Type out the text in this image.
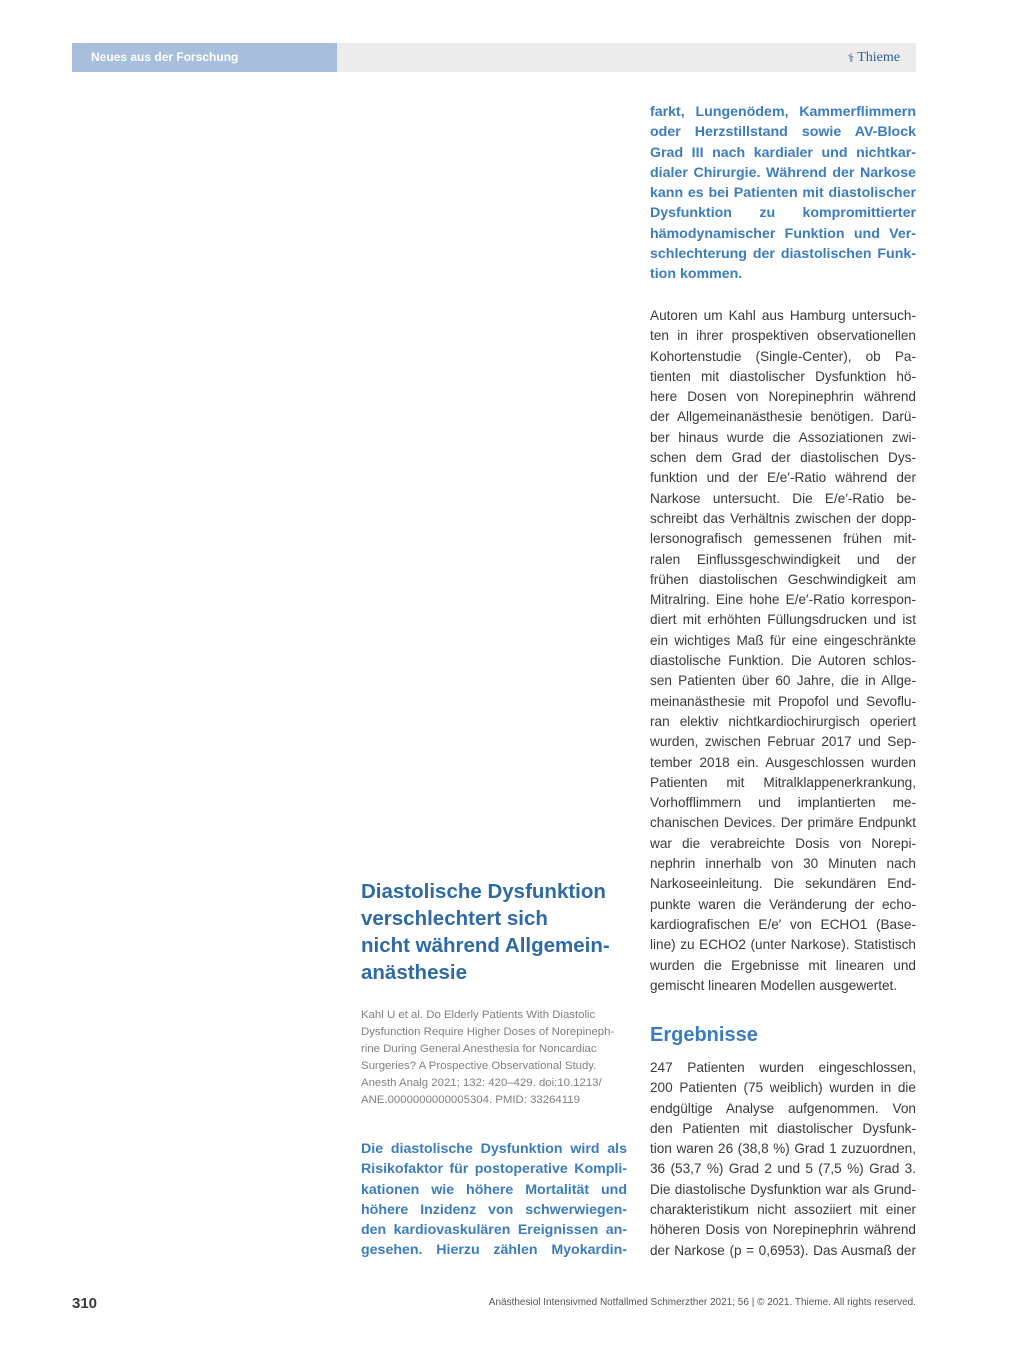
Neues aus der Forschung	⚕ Thieme
Diastolische Dysfunktion
verschlechtert sich
nicht während Allgemein-
anästhesie
Kahl U et al. Do Elderly Patients With Diastolic
Dysfunction Require Higher Doses of Norepineph-
rine During General Anesthesia for Noncardiac
Surgeries? A Prospective Observational Study.
Anesth Analg 2021; 132: 420–429. doi:10.1213/
ANE.0000000000005304. PMID: 33264119
Die diastolische Dysfunktion wird als
Risikofaktor für postoperative Kompli-
kationen wie höhere Mortalität und
höhere Inzidenz von schwerwiegen-
den kardiovaskulären Ereignissen an-
gesehen. Hierzu zählen Myokardin-
farkt, Lungenödem, Kammerflimmern
oder Herzstillstand sowie AV-Block
Grad III nach kardialer und nichtkar-
dialer Chirurgie. Während der Narkose
kann es bei Patienten mit diastolischer
Dysfunktion zu kompromittierter
hämodynamischer Funktion und Ver-
schlechterung der diastolischen Funk-
tion kommen.
Autoren um Kahl aus Hamburg untersuch-
ten in ihrer prospektiven observationellen
Kohortenstudie (Single-Center), ob Pa-
tienten mit diastolischer Dysfunktion hö-
here Dosen von Norepinephrin während
der Allgemeinanästhesie benötigen. Darü-
ber hinaus wurde die Assoziationen zwi-
schen dem Grad der diastolischen Dys-
funktion und der E/e′-Ratio während der
Narkose untersucht. Die E/e′-Ratio be-
schreibt das Verhältnis zwischen der dopp-
lersonografisch gemessenen frühen mit-
ralen Einflussgeschwindigkeit und der
frühen diastolischen Geschwindigkeit am
Mitralring. Eine hohe E/e′-Ratio korrespon-
diert mit erhöhten Füllungsdrucken und ist
ein wichtiges Maß für eine eingeschränkte
diastolische Funktion. Die Autoren schlos-
sen Patienten über 60 Jahre, die in Allge-
meinanästhesie mit Propofol und Sevoflu-
ran elektiv nichtkardiochirurgisch operiert
wurden, zwischen Februar 2017 und Sep-
tember 2018 ein. Ausgeschlossen wurden
Patienten mit Mitralklappenerkrankung,
Vorhofflimmern und implantierten me-
chanischen Devices. Der primäre Endpunkt
war die verabreichte Dosis von Norepi-
nephrin innerhalb von 30 Minuten nach
Narkoseeinleitung. Die sekundären End-
punkte waren die Veränderung der echo-
kardiografischen E/e′ von ECHO1 (Base-
line) zu ECHO2 (unter Narkose). Statistisch
wurden die Ergebnisse mit linearen und
gemischt linearen Modellen ausgewertet.
Ergebnisse
247 Patienten wurden eingeschlossen,
200 Patienten (75 weiblich) wurden in die
endgültige Analyse aufgenommen. Von
den Patienten mit diastolischer Dysfunk-
tion waren 26 (38,8 %) Grad 1 zuzuordnen,
36 (53,7 %) Grad 2 und 5 (7,5 %) Grad 3.
Die diastolische Dysfunktion war als Grund-
charakteristikum nicht assoziiert mit einer
höheren Dosis von Norepinephrin während
der Narkose (p = 0,6953). Das Ausmaß der
310	Anästhesiol Intensivmed Notfallmed Schmerzther 2021; 56 | © 2021. Thieme. All rights reserved.
